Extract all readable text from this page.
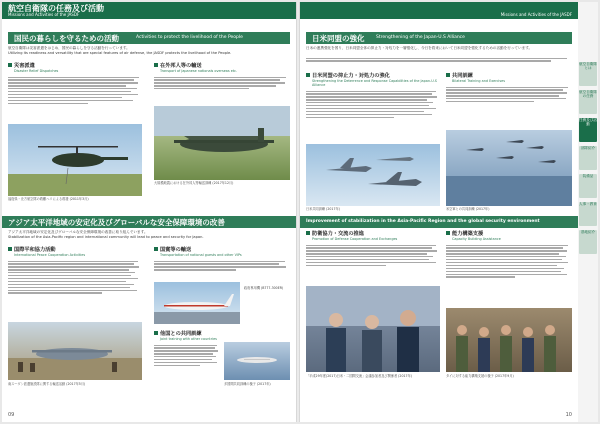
航空自衛隊の任務及び活動
Missions and Activities of the JASDF
国民の暮らしを守るための活動	Activities to protect the livelihood of the People
航空自衛隊は災害派遣をはじめ、国民の暮らしを守る活動を行っています。
Utilizing its readiness and versatility that are special features of air defense, the JASDF protects the livelihood of the People.
災害派遣
Disaster Relief Dispatches
福島県・北方航空隊の救難ヘリによる救援 (2011年3月)
在外邦人等の輸送
Transport of Japanese nationals overseas etc.
大規模地震における在外邦人等輸送訓練 (2017年12月)
アジア太平洋地域の安定化及びグローバルな安全保障環境の改善
アジア太平洋地域の安定化及びグローバルな安全保障環境の改善に取り組んでいます。
Stabilization of the Asia-Pacific region and international community will lead to peace and security for Japan.
国際平和協力活動
International Peace Cooperation Activities
南スーダン派遣施設隊に関する輸送活動 (2017年5月)
国賓等の輸送
Transportation of national guests and other VIPs
政府専用機 (B777-300ER)
他国との共同訓練
Joint training with other countries
多国間共同訓練の様子 (2017年)
09
Missions and Activities of the JASDF
日米同盟の強化	Strengthening of the Japan-U.S Alliance
日米の連携強化を図り、日米同盟全体の抑止力・対処力を一層強化し、今日を将来において日米同盟を強化するための活動を行っています。
日米同盟の抑止力・対処力の強化
Strengthening the Deterrence and Response Capabilities of the Japan-U.S Alliance
日米共同訓練 (2017年)
共同訓練
Bilateral Training and Exercises
米空軍との共同訓練 (2017年)
Improvement of stabilization in the Asia-Pacific Region and the global security environment
防衛協力・交流の推進
Promotion of Defense Cooperation and Exchanges
「平成29年度(2017)日米・二国間交流」会議参加者及び関係者 (2017年)
能力構築支援
Capacity Building Assistance
タイに対する能力構築支援の様子 (2017年9月)
10
航空自衛隊とは
航空自衛隊の任務
任務及び活動
部隊紹介
装備品
人事・教育
基地紹介
